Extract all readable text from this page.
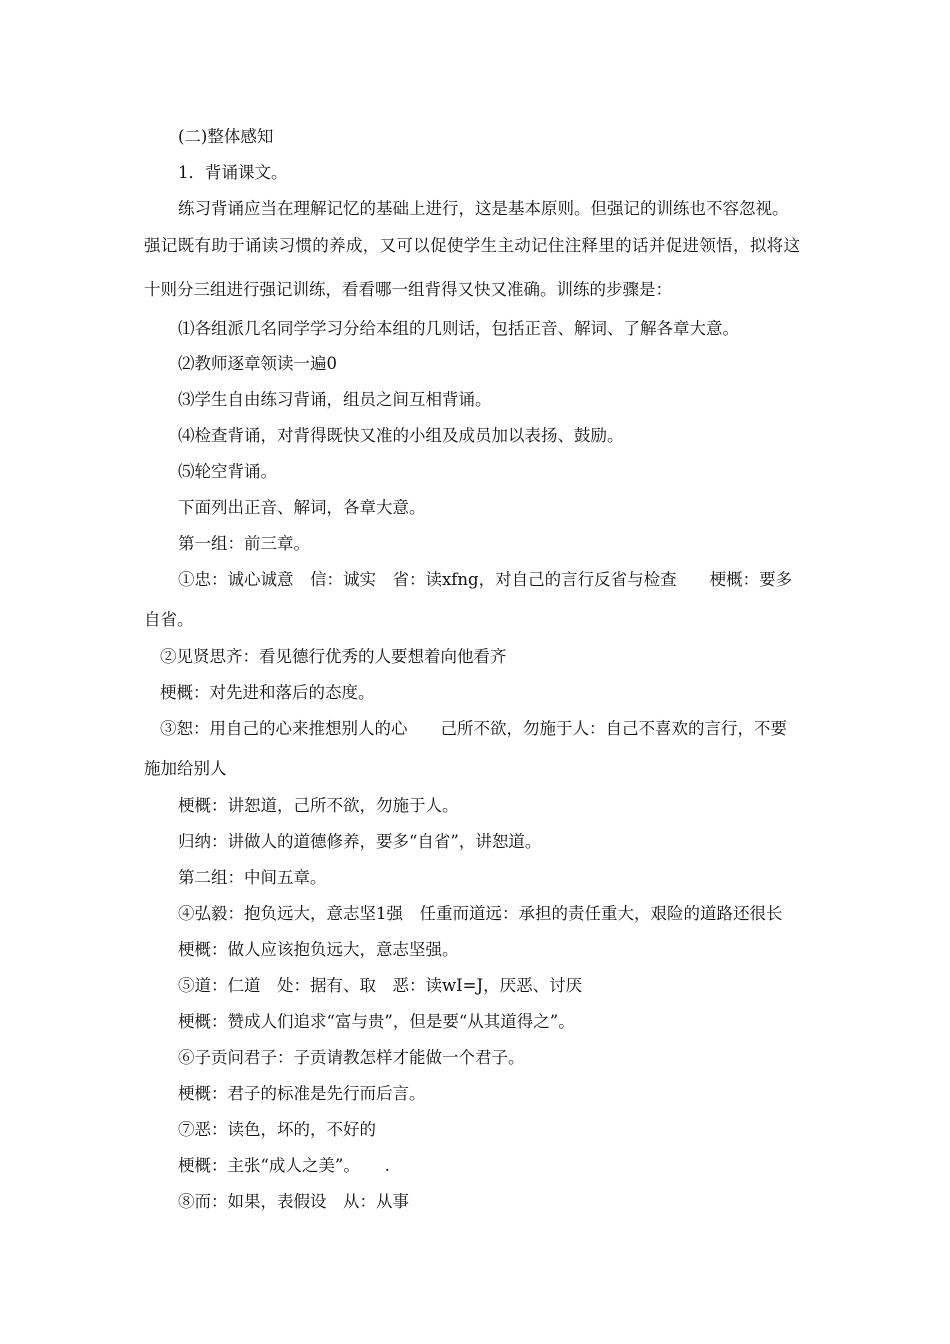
(二)整体感知

1．背诵课文。

练习背诵应当在理解记忆的基础上进行，这是基本原则。但强记的训练也不容忽视。

强记既有助于诵读习惯的养成，又可以促使学生主动记住注释里的话并促进领悟，拟将这

十则分三组进行强记训练，看看哪一组背得又快又准确。训练的步骤是：

⑴各组派几名同学学习分给本组的几则话，包括正音、解词、了解各章大意。

⑵教师逐章领读一遍0

⑶学生自由练习背诵，组员之间互相背诵。

⑷检查背诵，对背得既快又准的小组及成员加以表扬、鼓励。

⑸轮空背诵。

下面列出正音、解词，各章大意。

第一组：前三章。

①忠：诚心诚意　信：诚实　省：读xfng，对自己的言行反省与检查　　梗概：要多

自省。

②见贤思齐：看见德行优秀的人要想着向他看齐

梗概：对先进和落后的态度。

③恕：用自己的心来推想别人的心　　己所不欲，勿施于人：自己不喜欢的言行，不要

施加给别人

梗概：讲恕道，己所不欲，勿施于人。

归纳：讲做人的道德修养，要多“自省”，讲恕道。

第二组：中间五章。

④弘毅：抱负远大，意志坚1强　任重而道远：承担的责任重大，艰险的道路还很长

梗概：做人应该抱负远大，意志坚强。

⑤道：仁道　处：据有、取　恶：读wI=J，厌恶、讨厌

梗概：赞成人们追求“富与贵”，但是要“从其道得之”。

⑥子贡问君子：子贡请教怎样才能做一个君子。

梗概：君子的标准是先行而后言。

⑦恶：读色，坏的，不好的

梗概：主张“成人之美”。　　.

⑧而：如果，表假设　从：从事
